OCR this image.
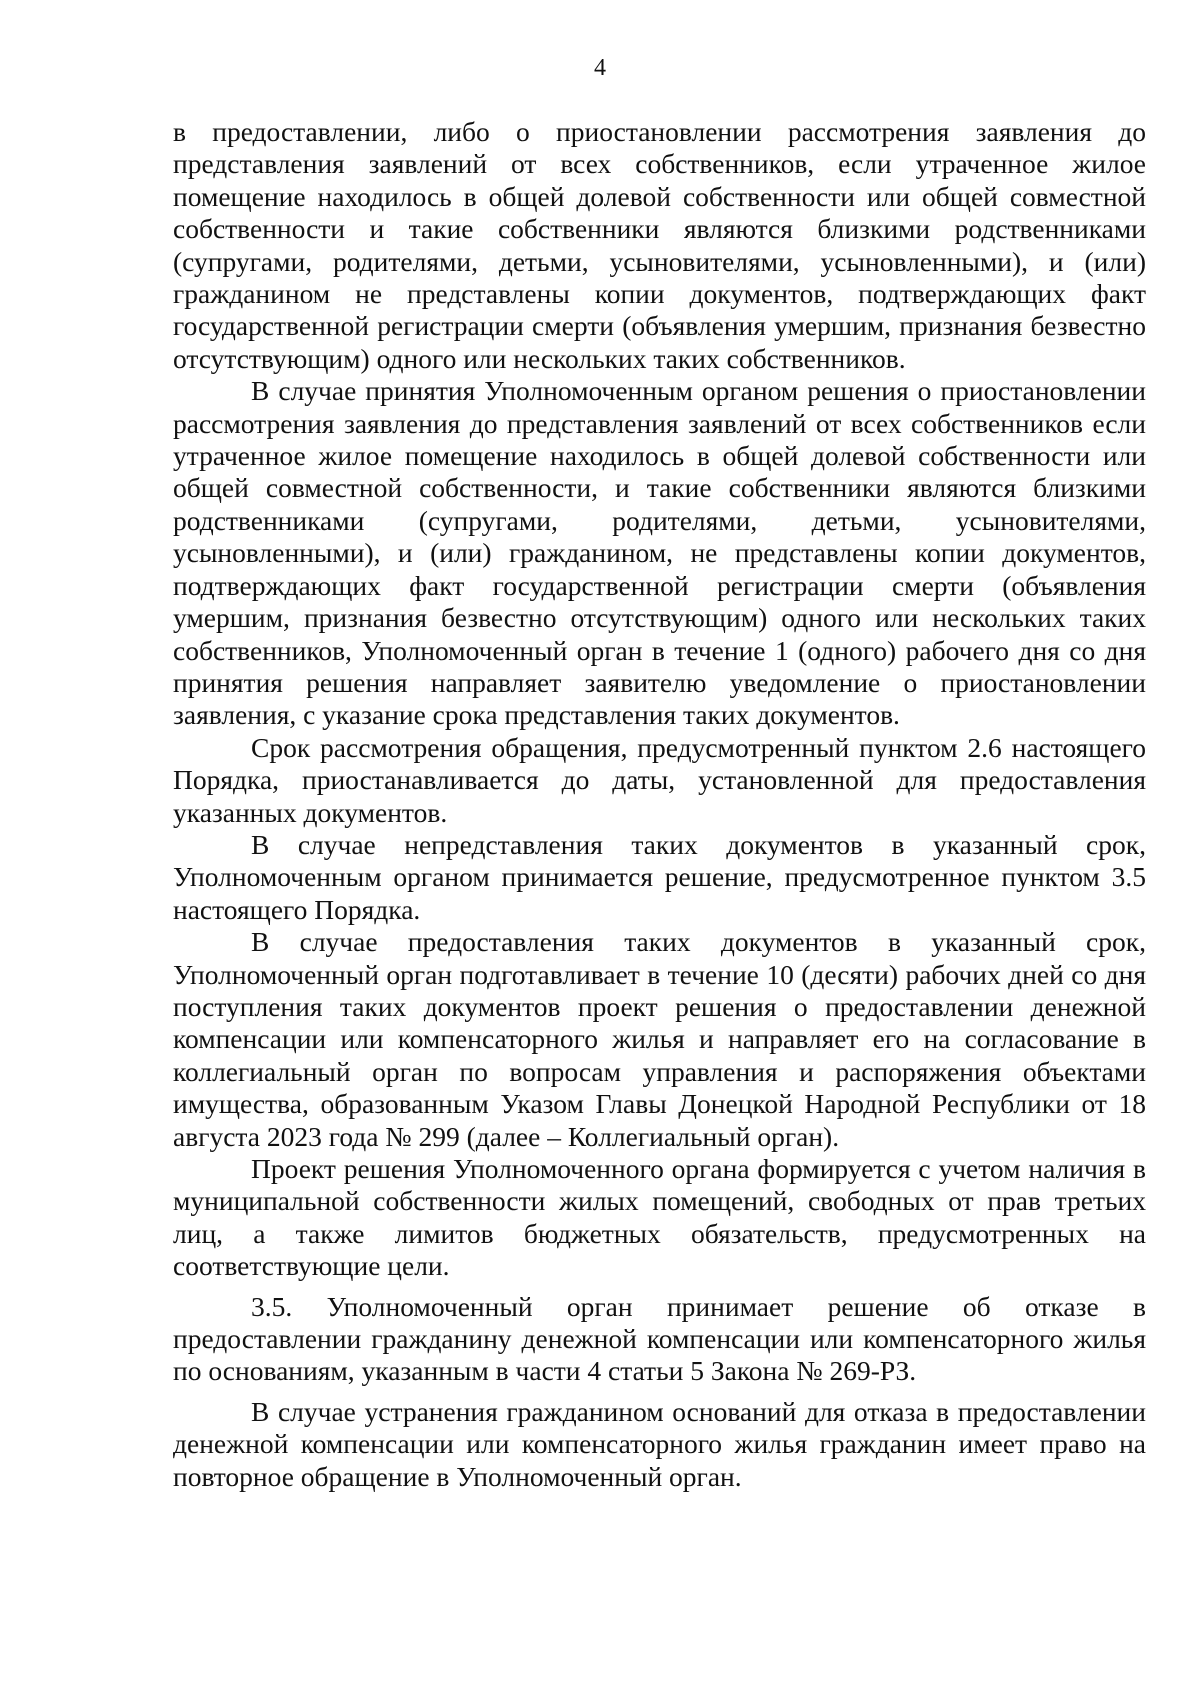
4

в предоставлении, либо о приостановлении рассмотрения заявления до представления заявлений от всех собственников, если утраченное жилое помещение находилось в общей долевой собственности или общей совместной собственности и такие собственники являются близкими родственниками (супругами, родителями, детьми, усыновителями, усыновленными), и (или) гражданином не представлены копии документов, подтверждающих факт государственной регистрации смерти (объявления умершим, признания безвестно отсутствующим) одного или нескольких таких собственников.

В случае принятия Уполномоченным органом решения о приостановлении рассмотрения заявления до представления заявлений от всех собственников если утраченное жилое помещение находилось в общей долевой собственности или общей совместной собственности, и такие собственники являются близкими родственниками (супругами, родителями, детьми, усыновителями, усыновленными), и (или) гражданином, не представлены копии документов, подтверждающих факт государственной регистрации смерти (объявления умершим, признания безвестно отсутствующим) одного или нескольких таких собственников, Уполномоченный орган в течение 1 (одного) рабочего дня со дня принятия решения направляет заявителю уведомление о приостановлении заявления, с указание срока представления таких документов.

Срок рассмотрения обращения, предусмотренный пунктом 2.6 настоящего Порядка, приостанавливается до даты, установленной для предоставления указанных документов.

В случае непредставления таких документов в указанный срок, Уполномоченным органом принимается решение, предусмотренное пунктом 3.5 настоящего Порядка.

В случае предоставления таких документов в указанный срок, Уполномоченный орган подготавливает в течение 10 (десяти) рабочих дней со дня поступления таких документов проект решения о предоставлении денежной компенсации или компенсаторного жилья и направляет его на согласование в коллегиальный орган по вопросам управления и распоряжения объектами имущества, образованным Указом Главы Донецкой Народной Республики от 18 августа 2023 года № 299 (далее – Коллегиальный орган).

Проект решения Уполномоченного органа формируется с учетом наличия в муниципальной собственности жилых помещений, свободных от прав третьих лиц, а также лимитов бюджетных обязательств, предусмотренных на соответствующие цели.

3.5. Уполномоченный орган принимает решение об отказе в предоставлении гражданину денежной компенсации или компенсаторного жилья по основаниям, указанным в части 4 статьи 5 Закона № 269-РЗ.

В случае устранения гражданином оснований для отказа в предоставлении денежной компенсации или компенсаторного жилья гражданин имеет право на повторное обращение в Уполномоченный орган.
